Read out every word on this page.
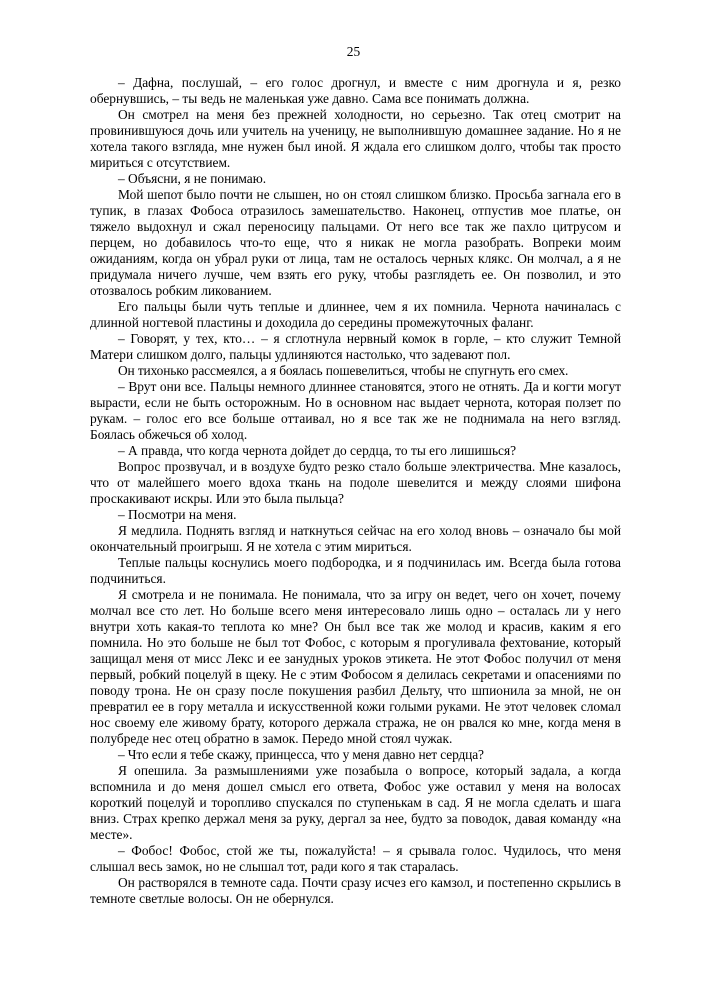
25

– Дафна, послушай, – его голос дрогнул, и вместе с ним дрогнула и я, резко обернувшись, – ты ведь не маленькая уже давно. Сама все понимать должна.

Он смотрел на меня без прежней холодности, но серьезно. Так отец смотрит на провинившуюся дочь или учитель на ученицу, не выполнившую домашнее задание. Но я не хотела такого взгляда, мне нужен был иной. Я ждала его слишком долго, чтобы так просто мириться с отсутствием.

– Объясни, я не понимаю.

Мой шепот было почти не слышен, но он стоял слишком близко. Просьба загнала его в тупик, в глазах Фобоса отразилось замешательство. Наконец, отпустив мое платье, он тяжело выдохнул и сжал переносицу пальцами. От него все так же пахло цитрусом и перцем, но добавилось что-то еще, что я никак не могла разобрать. Вопреки моим ожиданиям, когда он убрал руки от лица, там не осталось черных клякс. Он молчал, а я не придумала ничего лучше, чем взять его руку, чтобы разглядеть ее. Он позволил, и это отозвалось робким ликованием.

Его пальцы были чуть теплые и длиннее, чем я их помнила. Чернота начиналась с длинной ногтевой пластины и доходила до середины промежуточных фаланг.

– Говорят, у тех, кто… – я сглотнула нервный комок в горле, – кто служит Темной Матери слишком долго, пальцы удлиняются настолько, что задевают пол.

Он тихонько рассмеялся, а я боялась пошевелиться, чтобы не спугнуть его смех.

– Врут они все. Пальцы немного длиннее становятся, этого не отнять. Да и когти могут вырасти, если не быть осторожным. Но в основном нас выдает чернота, которая ползет по рукам. – голос его все больше оттаивал, но я все так же не поднимала на него взгляд. Боялась обжечься об холод.

– А правда, что когда чернота дойдет до сердца, то ты его лишишься?

Вопрос прозвучал, и в воздухе будто резко стало больше электричества. Мне казалось, что от малейшего моего вдоха ткань на подоле шевелится и между слоями шифона проскакивают искры. Или это была пыльца?

– Посмотри на меня.

Я медлила. Поднять взгляд и наткнуться сейчас на его холод вновь – означало бы мой окончательный проигрыш. Я не хотела с этим мириться.

Теплые пальцы коснулись моего подбородка, и я подчинилась им. Всегда была готова подчиниться.

Я смотрела и не понимала. Не понимала, что за игру он ведет, чего он хочет, почему молчал все сто лет. Но больше всего меня интересовало лишь одно – осталась ли у него внутри хоть какая-то теплота ко мне? Он был все так же молод и красив, каким я его помнила. Но это больше не был тот Фобос, с которым я прогуливала фехтование, который защищал меня от мисс Лекс и ее занудных уроков этикета. Не этот Фобос получил от меня первый, робкий поцелуй в щеку. Не с этим Фобосом я делилась секретами и опасениями по поводу трона. Не он сразу после покушения разбил Дельту, что шпионила за мной, не он превратил ее в гору металла и искусственной кожи голыми руками. Не этот человек сломал нос своему еле живому брату, которого держала стража, не он рвался ко мне, когда меня в полубреде нес отец обратно в замок. Передо мной стоял чужак.

– Что если я тебе скажу, принцесса, что у меня давно нет сердца?

Я опешила. За размышлениями уже позабыла о вопросе, который задала, а когда вспомнила и до меня дошел смысл его ответа, Фобос уже оставил у меня на волосах короткий поцелуй и торопливо спускался по ступенькам в сад. Я не могла сделать и шага вниз. Страх крепко держал меня за руку, дергал за нее, будто за поводок, давая команду «на месте».

– Фобос! Фобос, стой же ты, пожалуйста! – я срывала голос. Чудилось, что меня слышал весь замок, но не слышал тот, ради кого я так старалась.

Он растворялся в темноте сада. Почти сразу исчез его камзол, и постепенно скрылись в темноте светлые волосы. Он не обернулся.
